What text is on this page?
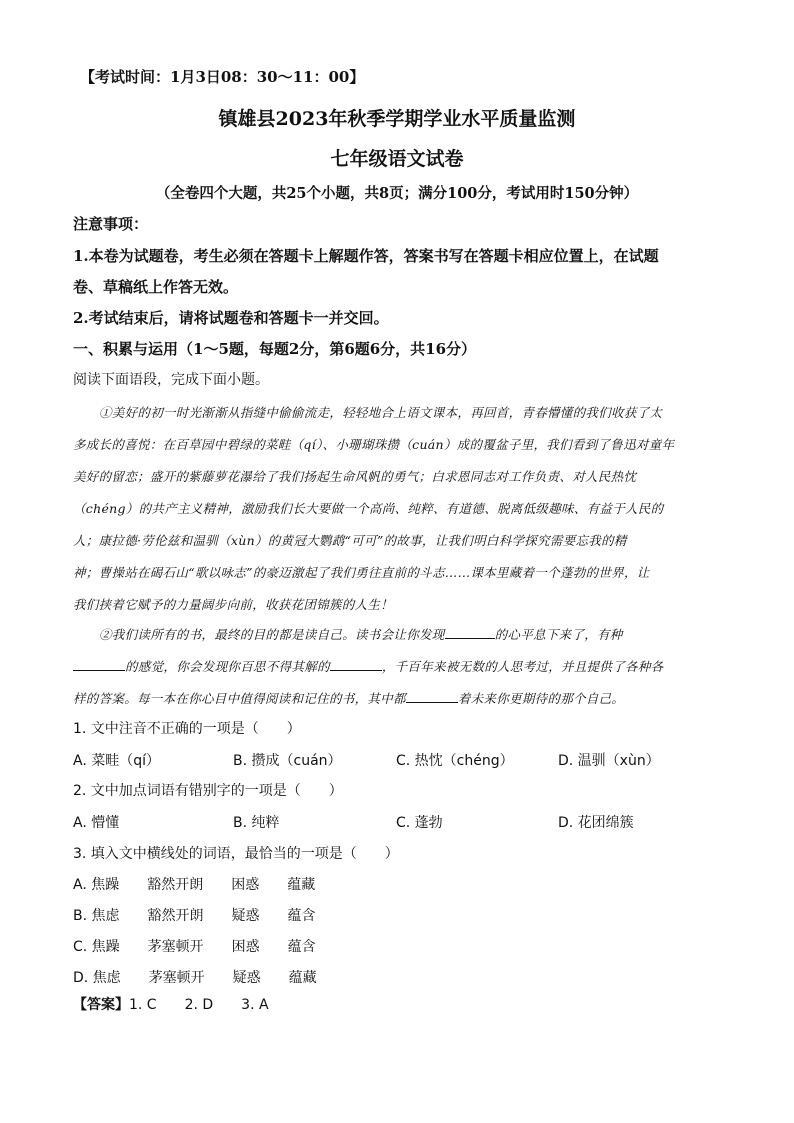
【考试时间：1月3日08：30～11：00】
镇雄县2023年秋季学期学业水平质量监测
七年级语文试卷
（全卷四个大题，共25个小题，共8页；满分100分，考试用时150分钟）
注意事项：
1.本卷为试题卷，考生必须在答题卡上解题作答，答案书写在答题卡相应位置上，在试题
卷、草稿纸上作答无效。
2.考试结束后，请将试题卷和答题卡一并交回。
一、积累与运用（1～5题，每题2分，第6题6分，共16分）
阅读下面语段，完成下面小题。
①美好的初一时光渐渐从指缝中偷偷流走，轻轻地合上语文课本，再回首，青春懵懂的我们收获了太
多成长的喜悦：在百草园中碧绿的菜畦（qí）、小珊瑚珠攒（cuán）成的覆盆子里，我们看到了鲁迅对童年
美好的留恋；盛开的紫藤萝花瀑给了我们扬起生命风帆的勇气；白求恩同志对工作负责、对人民热忱
（chéng）的共产主义精神，激励我们长大要做一个高尚、纯粹、有道德、脱离低级趣味、有益于人民的
人；康拉德·劳伦兹和温驯（xùn）的黄冠大鹦鹉“可可”的故事，让我们明白科学探究需要忘我的精
神；曹操站在碣石山“歌以咏志”的豪迈激起了我们勇往直前的斗志……课本里藏着一个蓬勃的世界，让
我们挟着它赋予的力量阔步向前，收获花团锦簇的人生！
②我们读所有的书，最终的目的都是读自己。读书会让你发现	的心平息下来了，有种
的感觉，你会发现你百思不得其解的	，千百年来被无数的人思考过，并且提供了各种各
样的答案。每一本在你心目中值得阅读和记住的书，其中都	着未来你更期待的那个自己。
1. 文中注音不正确的一项是（　　）
A. 菜畦（qí）	B. 攒成（cuán）	C. 热忱（chéng）	D. 温驯（xùn）
2. 文中加点词语有错别字的一项是（　　）
A. 懵懂	B. 纯粹	C. 蓬勃	D. 花团绵簇
3. 填入文中横线处的词语，最恰当的一项是（　　）
A. 焦躁　　豁然开朗　　困惑　　蕴藏
B. 焦虑　　豁然开朗　　疑惑　　蕴含
C. 焦躁　　茅塞顿开　　困惑　　蕴含
D. 焦虑　　茅塞顿开　　疑惑　　蕴藏
【答案】1. C　　2. D　　3. A
